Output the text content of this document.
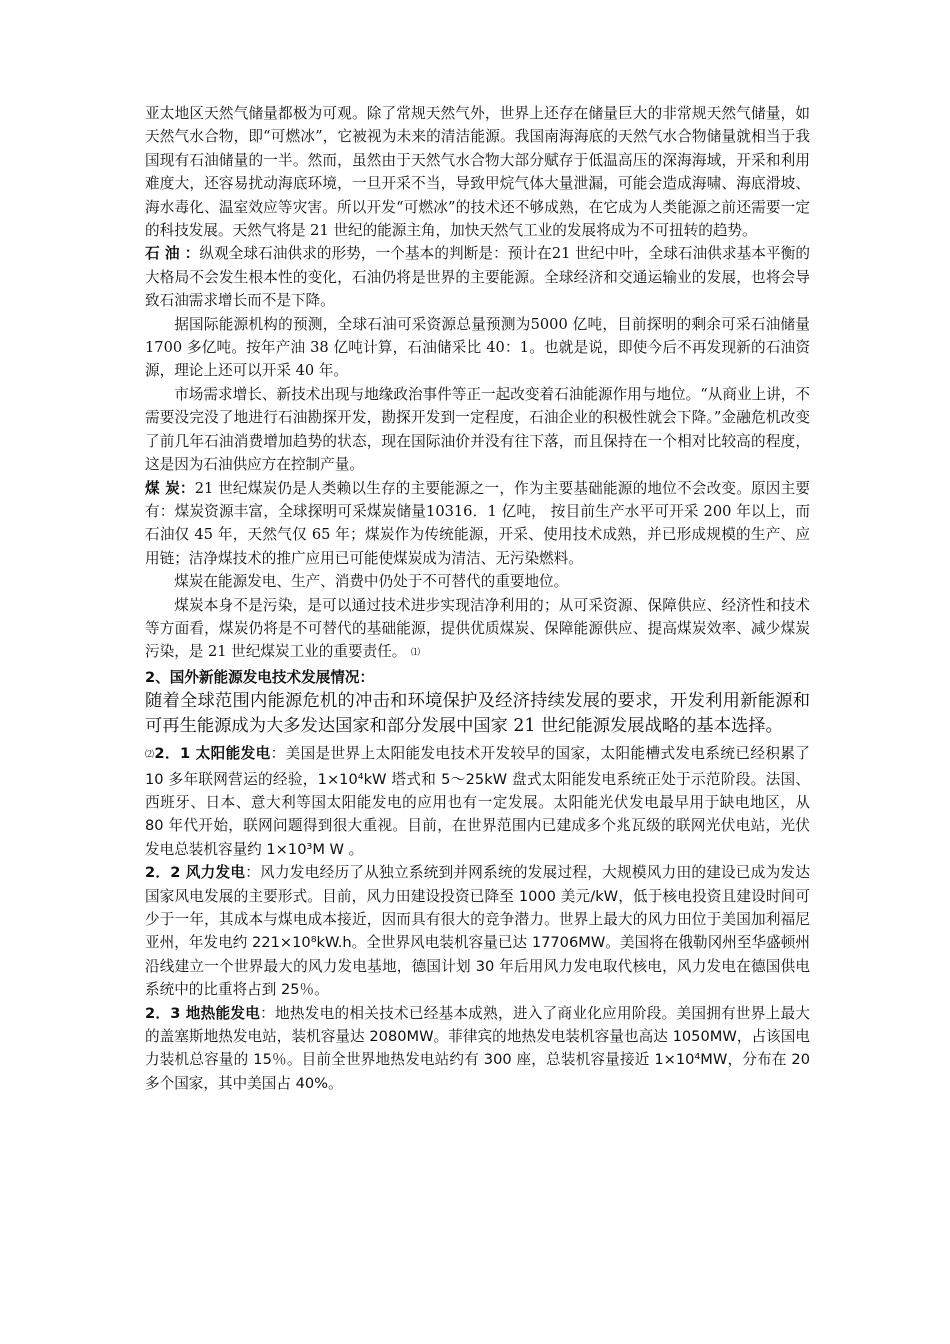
亚太地区天然气储量都极为可观。除了常规天然气外，世界上还存在储量巨大的非常规天然气储量，如天然气水合物，即“可燃冰”，它被视为未来的清洁能源。我国南海海底的天然气水合物储量就相当于我国现有石油储量的一半。然而，虽然由于天然气水合物大部分赋存于低温高压的深海海域，开采和利用难度大，还容易扰动海底环境，一旦开采不当，导致甲烷气体大量泄漏，可能会造成海啸、海底滑坡、海水毒化、温室效应等灾害。所以开发“可燃冰”的技术还不够成熟，在它成为人类能源之前还需要一定的科技发展。天然气将是 21 世纪的能源主角，加快天然气工业的发展将成为不可扭转的趋势。

石 油 ：纵观全球石油供求的形势，一个基本的判断是：预计在21 世纪中叶，全球石油供求基本平衡的大格局不会发生根本性的变化，石油仍将是世界的主要能源。全球经济和交通运输业的发展，也将会导致石油需求增长而不是下降。

据国际能源机构的预测，全球石油可采资源总量预测为5000 亿吨，目前探明的剩余可采石油储量1700 多亿吨。按年产油 38 亿吨计算，石油储采比 40：1。也就是说，即使今后不再发现新的石油资源，理论上还可以开采 40 年。

市场需求增长、新技术出现与地缘政治事件等正一起改变着石油能源作用与地位。“从商业上讲，不需要没完没了地进行石油勘探开发，勘探开发到一定程度，石油企业的积极性就会下降。”金融危机改变了前几年石油消费增加趋势的状态，现在国际油价并没有往下落，而且保持在一个相对比较高的程度，这是因为石油供应方在控制产量。

煤 炭：21 世纪煤炭仍是人类赖以生存的主要能源之一，作为主要基础能源的地位不会改变。原因主要有：煤炭资源丰富，全球探明可采煤炭储量10316．1 亿吨， 按目前生产水平可开采 200 年以上，而石油仅 45 年，天然气仅 65 年；煤炭作为传统能源，开采、使用技术成熟，并已形成规模的生产、应用链；洁净煤技术的推广应用已可能使煤炭成为清洁、无污染燃料。

煤炭在能源发电、生产、消费中仍处于不可替代的重要地位。

煤炭本身不是污染，是可以通过技术进步实现洁净利用的；从可采资源、保障供应、经济性和技术等方面看，煤炭仍将是不可替代的基础能源，提供优质煤炭、保障能源供应、提高煤炭效率、减少煤炭污染，是 21 世纪煤炭工业的重要责任。 ⑴

2、国外新能源发电技术发展情况：

随着全球范围内能源危机的冲击和环境保护及经济持续发展的要求，开发利用新能源和可再生能源成为大多发达国家和部分发展中国家 21 世纪能源发展战略的基本选择。

⑵2．1 太阳能发电：美国是世界上太阳能发电技术开发较早的国家，太阳能槽式发电系统已经积累了 10 多年联网营运的经验，1×10⁴kW 塔式和 5～25kW 盘式太阳能发电系统正处于示范阶段。法国、西班牙、日本、意大利等国太阳能发电的应用也有一定发展。太阳能光伏发电最早用于缺电地区，从 80 年代开始，联网问题得到很大重视。目前，在世界范围内已建成多个兆瓦级的联网光伏电站，光伏发电总装机容量约 1×10³M W 。

2．2 风力发电：风力发电经历了从独立系统到并网系统的发展过程，大规模风力田的建设已成为发达国家风电发展的主要形式。目前，风力田建设投资已降至 1000 美元/kW，低于核电投资且建设时间可少于一年，其成本与煤电成本接近，因而具有很大的竞争潜力。世界上最大的风力田位于美国加利福尼亚州，年发电约 221×10⁸kW.h。全世界风电装机容量已达 17706MW。美国将在俄勒冈州至华盛顿州沿线建立一个世界最大的风力发电基地，德国计划 30 年后用风力发电取代核电，风力发电在德国供电系统中的比重将占到 25％。

2．3 地热能发电：地热发电的相关技术已经基本成熟，进入了商业化应用阶段。美国拥有世界上最大的盖塞斯地热发电站，装机容量达 2080MW。菲律宾的地热发电装机容量也高达 1050MW，占该国电力装机总容量的 15％。目前全世界地热发电站约有 300 座，总装机容量接近 1×10⁴MW，分布在 20 多个国家，其中美国占 40%。
